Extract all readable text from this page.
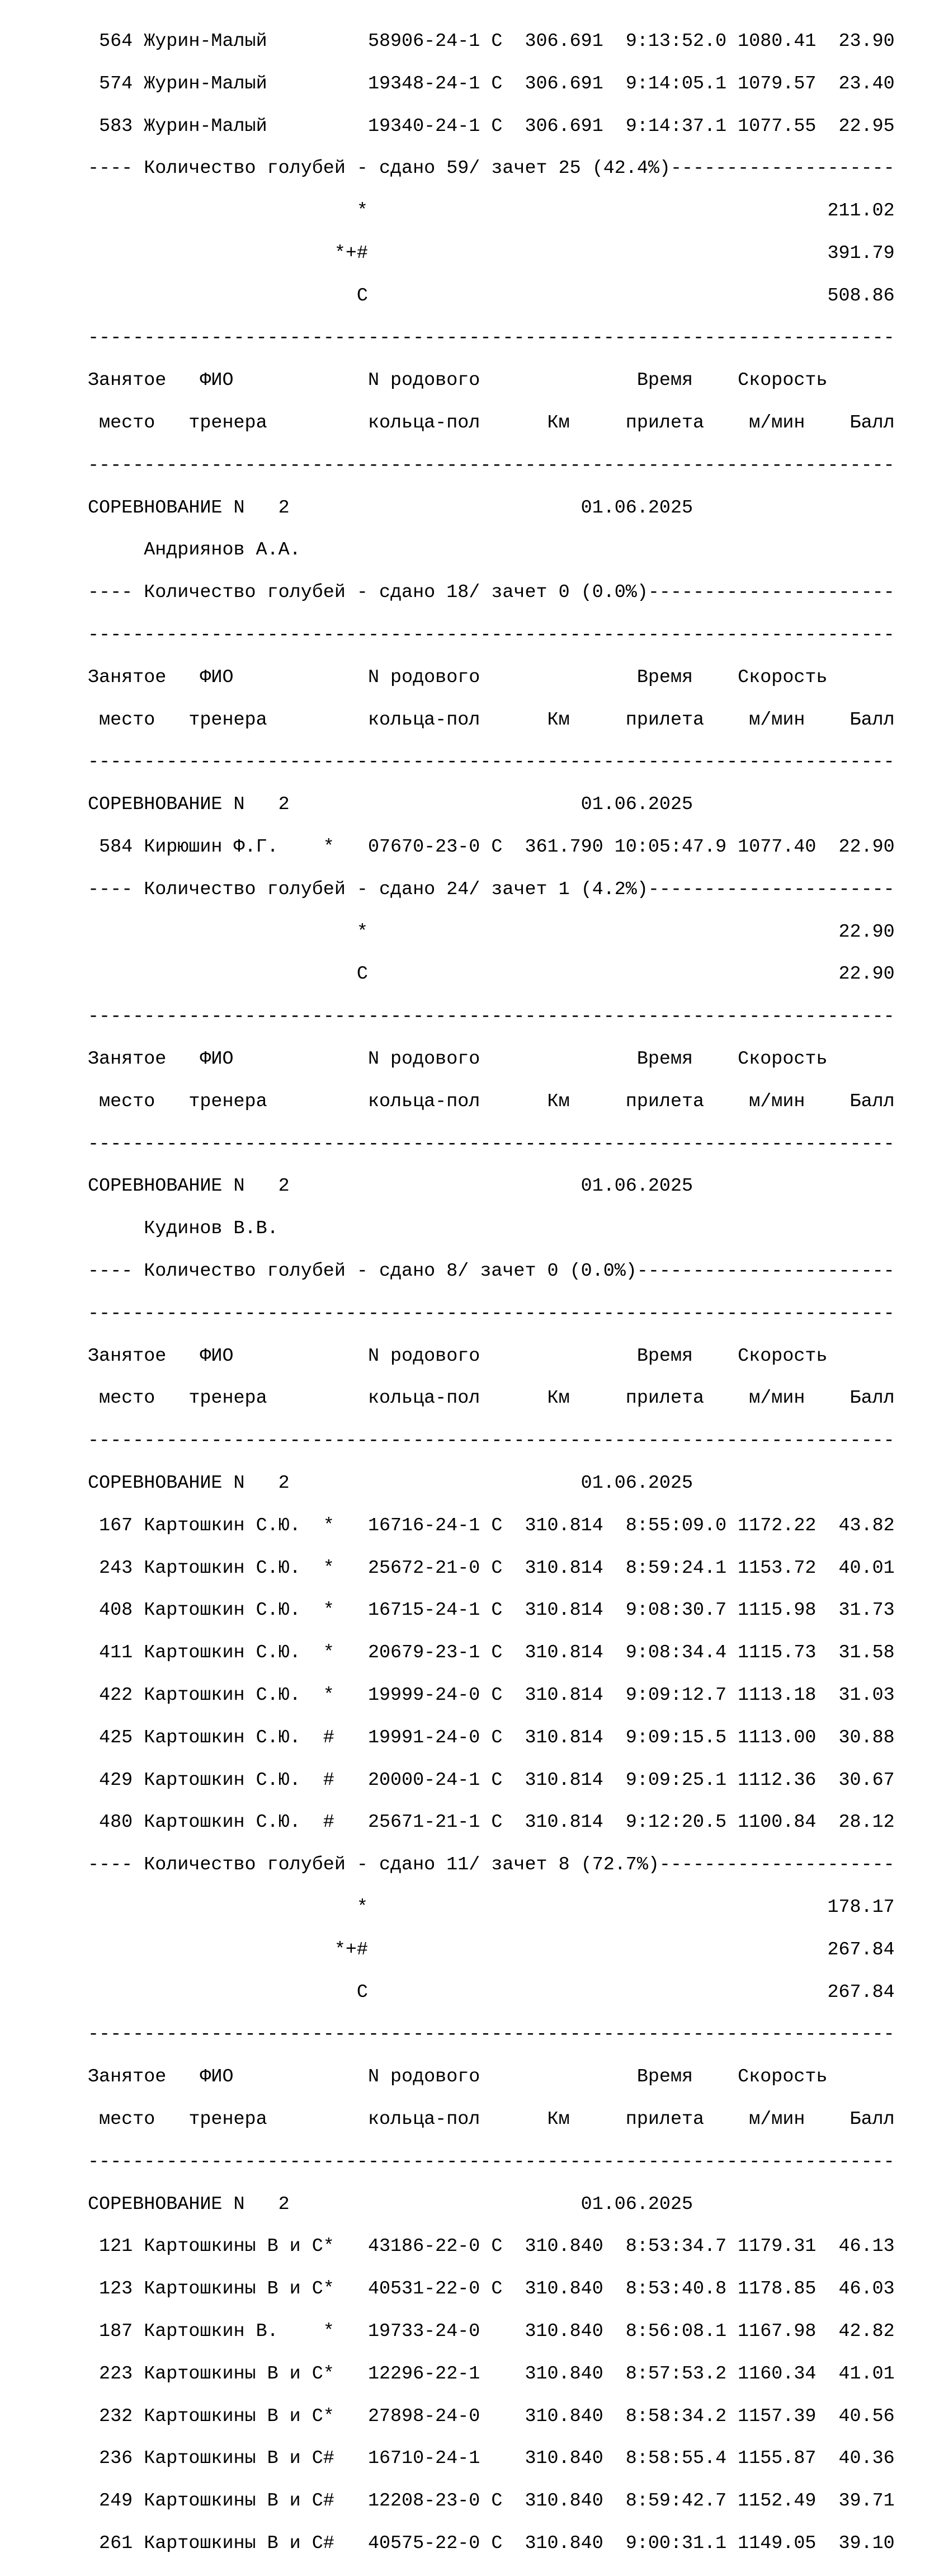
564 Журин-Малый         58906-24-1 С  306.691  9:13:52.0 1080.41  23.90

574 Журин-Малый         19348-24-1 С  306.691  9:14:05.1 1079.57  23.40

583 Журин-Малый         19340-24-1 С  306.691  9:14:37.1 1077.55  22.95

---- Количество голубей - сдано 59/ зачет 25 (42.4%)--------------------

*                                         211.02

*+#                                         391.79

С                                         508.86

------------------------------------------------------------------------

Занятое   ФИО            N родового              Время    Скорость

место   тренера         кольца-пол      Км     прилета    м/мин    Балл

------------------------------------------------------------------------

СОРЕВНОВАНИЕ N   2                          01.06.2025

Андриянов А.А.

---- Количество голубей - сдано 18/ зачет 0 (0.0%)----------------------

------------------------------------------------------------------------

Занятое   ФИО            N родового              Время    Скорость

место   тренера         кольца-пол      Км     прилета    м/мин    Балл

------------------------------------------------------------------------

СОРЕВНОВАНИЕ N   2                          01.06.2025

584 Кирюшин Ф.Г.    *   07670-23-0 С  361.790 10:05:47.9 1077.40  22.90

---- Количество голубей - сдано 24/ зачет 1 (4.2%)----------------------

*                                          22.90

С                                          22.90

------------------------------------------------------------------------

Занятое   ФИО            N родового              Время    Скорость

место   тренера         кольца-пол      Км     прилета    м/мин    Балл

------------------------------------------------------------------------

СОРЕВНОВАНИЕ N   2                          01.06.2025

Кудинов В.В.

---- Количество голубей - сдано 8/ зачет 0 (0.0%)-----------------------

------------------------------------------------------------------------

Занятое   ФИО            N родового              Время    Скорость

место   тренера         кольца-пол      Км     прилета    м/мин    Балл

------------------------------------------------------------------------

СОРЕВНОВАНИЕ N   2                          01.06.2025

167 Картошкин С.Ю.  *   16716-24-1 С  310.814  8:55:09.0 1172.22  43.82

243 Картошкин С.Ю.  *   25672-21-0 С  310.814  8:59:24.1 1153.72  40.01

408 Картошкин С.Ю.  *   16715-24-1 С  310.814  9:08:30.7 1115.98  31.73

411 Картошкин С.Ю.  *   20679-23-1 С  310.814  9:08:34.4 1115.73  31.58

422 Картошкин С.Ю.  *   19999-24-0 С  310.814  9:09:12.7 1113.18  31.03

425 Картошкин С.Ю.  #   19991-24-0 С  310.814  9:09:15.5 1113.00  30.88

429 Картошкин С.Ю.  #   20000-24-1 С  310.814  9:09:25.1 1112.36  30.67

480 Картошкин С.Ю.  #   25671-21-1 С  310.814  9:12:20.5 1100.84  28.12

---- Количество голубей - сдано 11/ зачет 8 (72.7%)---------------------

*                                         178.17

*+#                                         267.84

С                                         267.84

------------------------------------------------------------------------

Занятое   ФИО            N родового              Время    Скорость

место   тренера         кольца-пол      Км     прилета    м/мин    Балл

------------------------------------------------------------------------

СОРЕВНОВАНИЕ N   2                          01.06.2025

121 Картошкины В и С*   43186-22-0 С  310.840  8:53:34.7 1179.31  46.13

123 Картошкины В и С*   40531-22-0 С  310.840  8:53:40.8 1178.85  46.03

187 Картошкин В.    *   19733-24-0    310.840  8:56:08.1 1167.98  42.82

223 Картошкины В и С*   12296-22-1    310.840  8:57:53.2 1160.34  41.01

232 Картошкины В и С*   27898-24-0    310.840  8:58:34.2 1157.39  40.56

236 Картошкины В и С#   16710-24-1    310.840  8:58:55.4 1155.87  40.36

249 Картошкины В и С#   12208-23-0 С  310.840  8:59:42.7 1152.49  39.71

261 Картошкины В и С#   40575-22-0 С  310.840  9:00:31.1 1149.05  39.10
